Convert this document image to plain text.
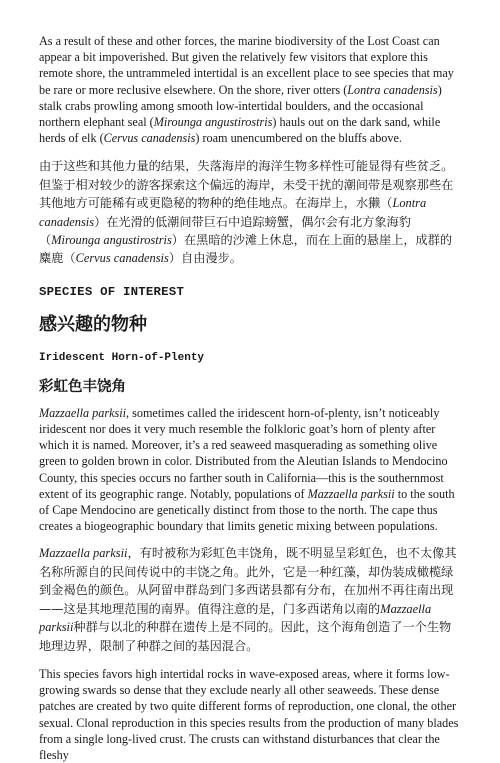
As a result of these and other forces, the marine biodiversity of the Lost Coast can appear a bit impoverished. But given the relatively few visitors that explore this remote shore, the untrammeled intertidal is an excellent place to see species that may be rare or more reclusive elsewhere. On the shore, river otters (Lontra canadensis) stalk crabs prowling among smooth low-intertidal boulders, and the occasional northern elephant seal (Mirounga angustirostris) hauls out on the dark sand, while herds of elk (Cervus canadensis) roam unencumbered on the bluffs above.

由于这些和其他力量的结果，失落海岸的海洋生物多样性可能显得有些贫乏。但鉴于相对较少的游客探索这个偏远的海岸，未受干扰的潮间带是观察那些在其他地方可能稀有或更隐秘的物种的绝佳地点。在海岸上，水獭（Lontra canadensis）在光滑的低潮间带巨石中追踪螃蟹，偶尔会有北方象海豹（Mirounga angustirostris）在黑暗的沙滩上休息，而在上面的悬崖上，成群的麋鹿（Cervus canadensis）自由漫步。

SPECIES OF INTEREST
感兴趣的物种
Iridescent Horn-of-Plenty
彩虹色丰饶角

Mazzaella parksii, sometimes called the iridescent horn-of-plenty, isn’t noticeably iridescent nor does it very much resemble the folkloric goat’s horn of plenty after which it is named. Moreover, it’s a red seaweed masquerading as something olive green to golden brown in color. Distributed from the Aleutian Islands to Mendocino County, this species occurs no farther south in California—this is the southernmost extent of its geographic range. Notably, populations of Mazzaella parksii to the south of Cape Mendocino are genetically distinct from those to the north. The cape thus creates a biogeographic boundary that limits genetic mixing between populations.

Mazzaella parksii，有时被称为彩虹色丰饶角，既不明显呈彩虹色，也不太像其名称所源自的民间传说中的丰饶之角。此外，它是一种红藻，却伪装成橄榄绿到金褐色的颜色。从阿留申群岛到门多西诺县都有分布，在加州不再往南出现——这是其地理范围的南界。值得注意的是，门多西诺角以南的Mazzaella parksii种群与以北的种群在遗传上是不同的。因此，这个海角创造了一个生物地理边界，限制了种群之间的基因混合。

This species favors high intertidal rocks in wave-exposed areas, where it forms low-growing swards so dense that they exclude nearly all other seaweeds. These dense patches are created by two quite different forms of reproduction, one clonal, the other sexual. Clonal reproduction in this species results from the production of many blades from a single long-lived crust. The crusts can withstand disturbances that clear the fleshy
